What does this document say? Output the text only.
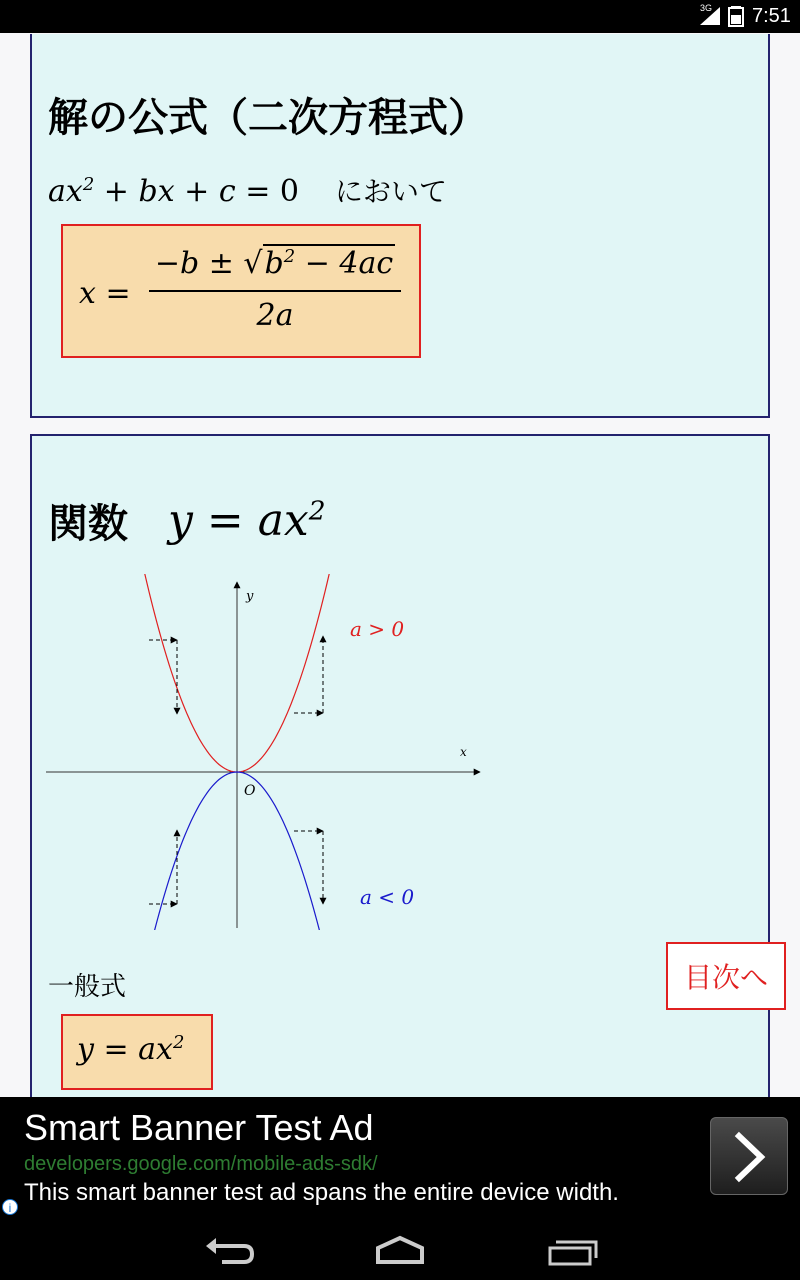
3G 7:51
解の公式（二次方程式）
$ax^2$ + bx + c = 0 において
x =
$-b \pm √b^2 - 4ac$
2a
関数 $y = ax^2$
x
y
O
a > 0
a < 0
一般式
$y = ax^2$
目次へ
Smart Banner Test Ad
developers.google.com/mobile-ads-sdk/
This smart banner test ad spans the entire device width.
i
